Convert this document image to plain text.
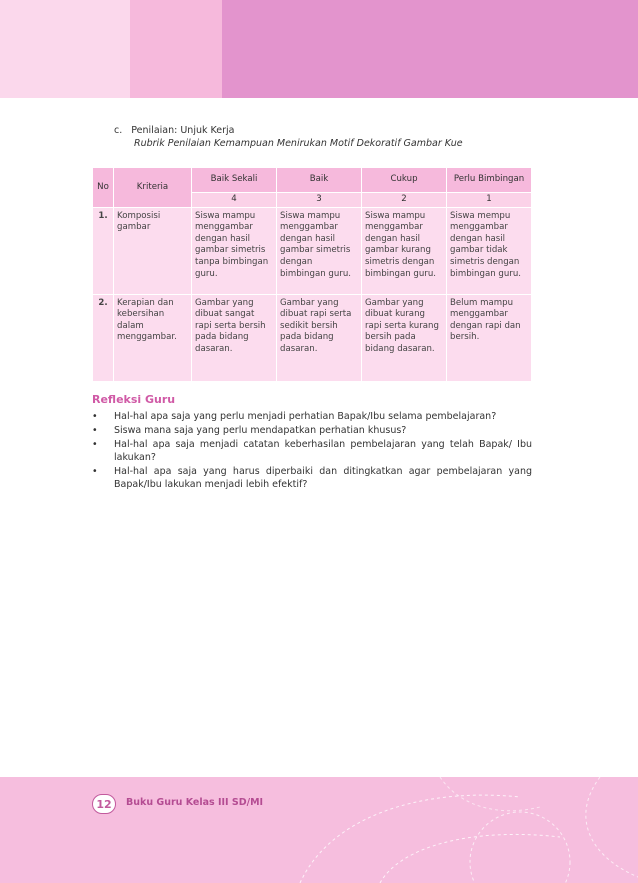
c. Penilaian: Unjuk Kerja
Rubrik Penilaian Kemampuan Menirukan Motif Dekoratif Gambar Kue
No	Kriteria	Baik Sekali	Baik	Cukup	Perlu Bimbingan
		4	3	2	1
1.	Komposisi gambar	Siswa mampu menggambar dengan hasil gambar simetris tanpa bimbingan guru.	Siswa mampu menggambar dengan hasil gambar simetris dengan bimbingan guru.	Siswa mampu menggambar dengan hasil gambar kurang simetris dengan bimbingan guru.	Siswa mempu menggambar dengan hasil gambar tidak simetris dengan bimbingan guru.
2.	Kerapian dan kebersihan dalam menggambar.	Gambar yang dibuat sangat rapi serta bersih pada bidang dasaran.	Gambar yang dibuat rapi serta sedikit bersih pada bidang dasaran.	Gambar yang dibuat kurang rapi serta kurang bersih pada bidang dasaran.	Belum mampu menggambar dengan rapi dan bersih.
Refleksi Guru
• Hal-hal apa saja yang perlu menjadi perhatian Bapak/Ibu selama pembelajaran?
• Siswa mana saja yang perlu mendapatkan perhatian khusus?
• Hal-hal apa saja menjadi catatan keberhasilan pembelajaran yang telah Bapak/ Ibu lakukan?
• Hal-hal apa saja yang harus diperbaiki dan ditingkatkan agar pembelajaran yang Bapak/Ibu lakukan menjadi lebih efektif?
12	Buku Guru Kelas III SD/MI
